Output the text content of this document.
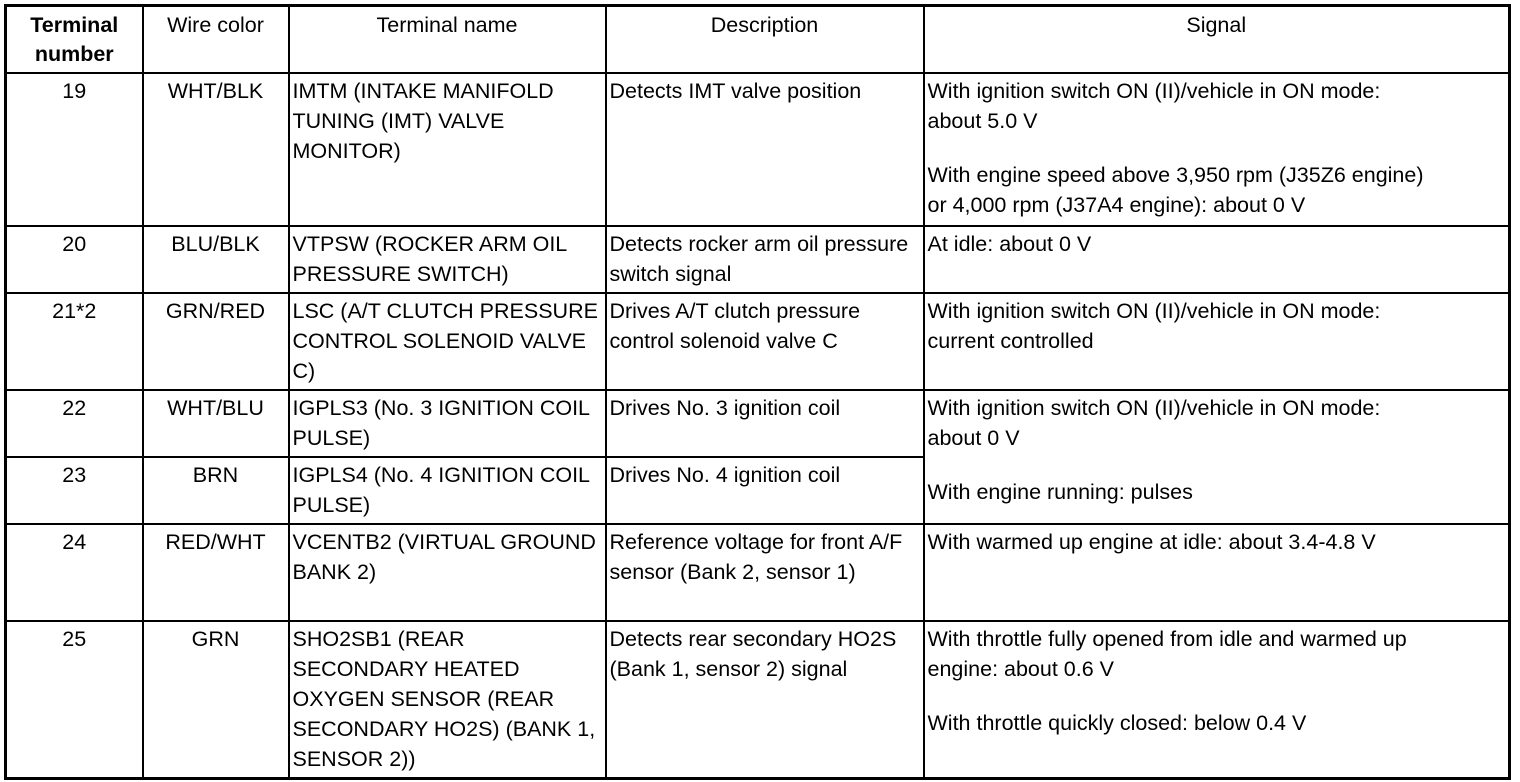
Terminal number	Wire color	Terminal name	Description	Signal
19	WHT/BLK	IMTM (INTAKE MANIFOLD TUNING (IMT) VALVE MONITOR)	Detects IMT valve position	With ignition switch ON (II)/vehicle in ON mode:
about 5.0 V
With engine speed above 3,950 rpm (J35Z6 engine)
or 4,000 rpm (J37A4 engine): about 0 V

20	BLU/BLK	VTPSW (ROCKER ARM OIL PRESSURE SWITCH)	Detects rocker arm oil pressure switch signal	At idle: about 0 V
21*2	GRN/RED	LSC (A/T CLUTCH PRESSURE CONTROL SOLENOID VALVE C)	Drives A/T clutch pressure control solenoid valve C	With ignition switch ON (II)/vehicle in ON mode:
current controlled

22	WHT/BLU	IGPLS3 (No. 3 IGNITION COIL PULSE)	Drives No. 3 ignition coil	With ignition switch ON (II)/vehicle in ON mode:
about 0 V
With engine running: pulses

23	BRN	IGPLS4 (No. 4 IGNITION COIL PULSE)	Drives No. 4 ignition coil	
24	RED/WHT	VCENTB2 (VIRTUAL GROUND BANK 2)	Reference voltage for front A/F sensor (Bank 2, sensor 1)	With warmed up engine at idle: about 3.4-4.8 V
25	GRN	SHO2SB1 (REAR SECONDARY HEATED OXYGEN SENSOR (REAR SECONDARY HO2S) (BANK 1, SENSOR 2))	Detects rear secondary HO2S   (Bank 1, sensor 2) signal	With throttle fully opened from idle and warmed up
engine: about 0.6 V
With throttle quickly closed: below 0.4 V
